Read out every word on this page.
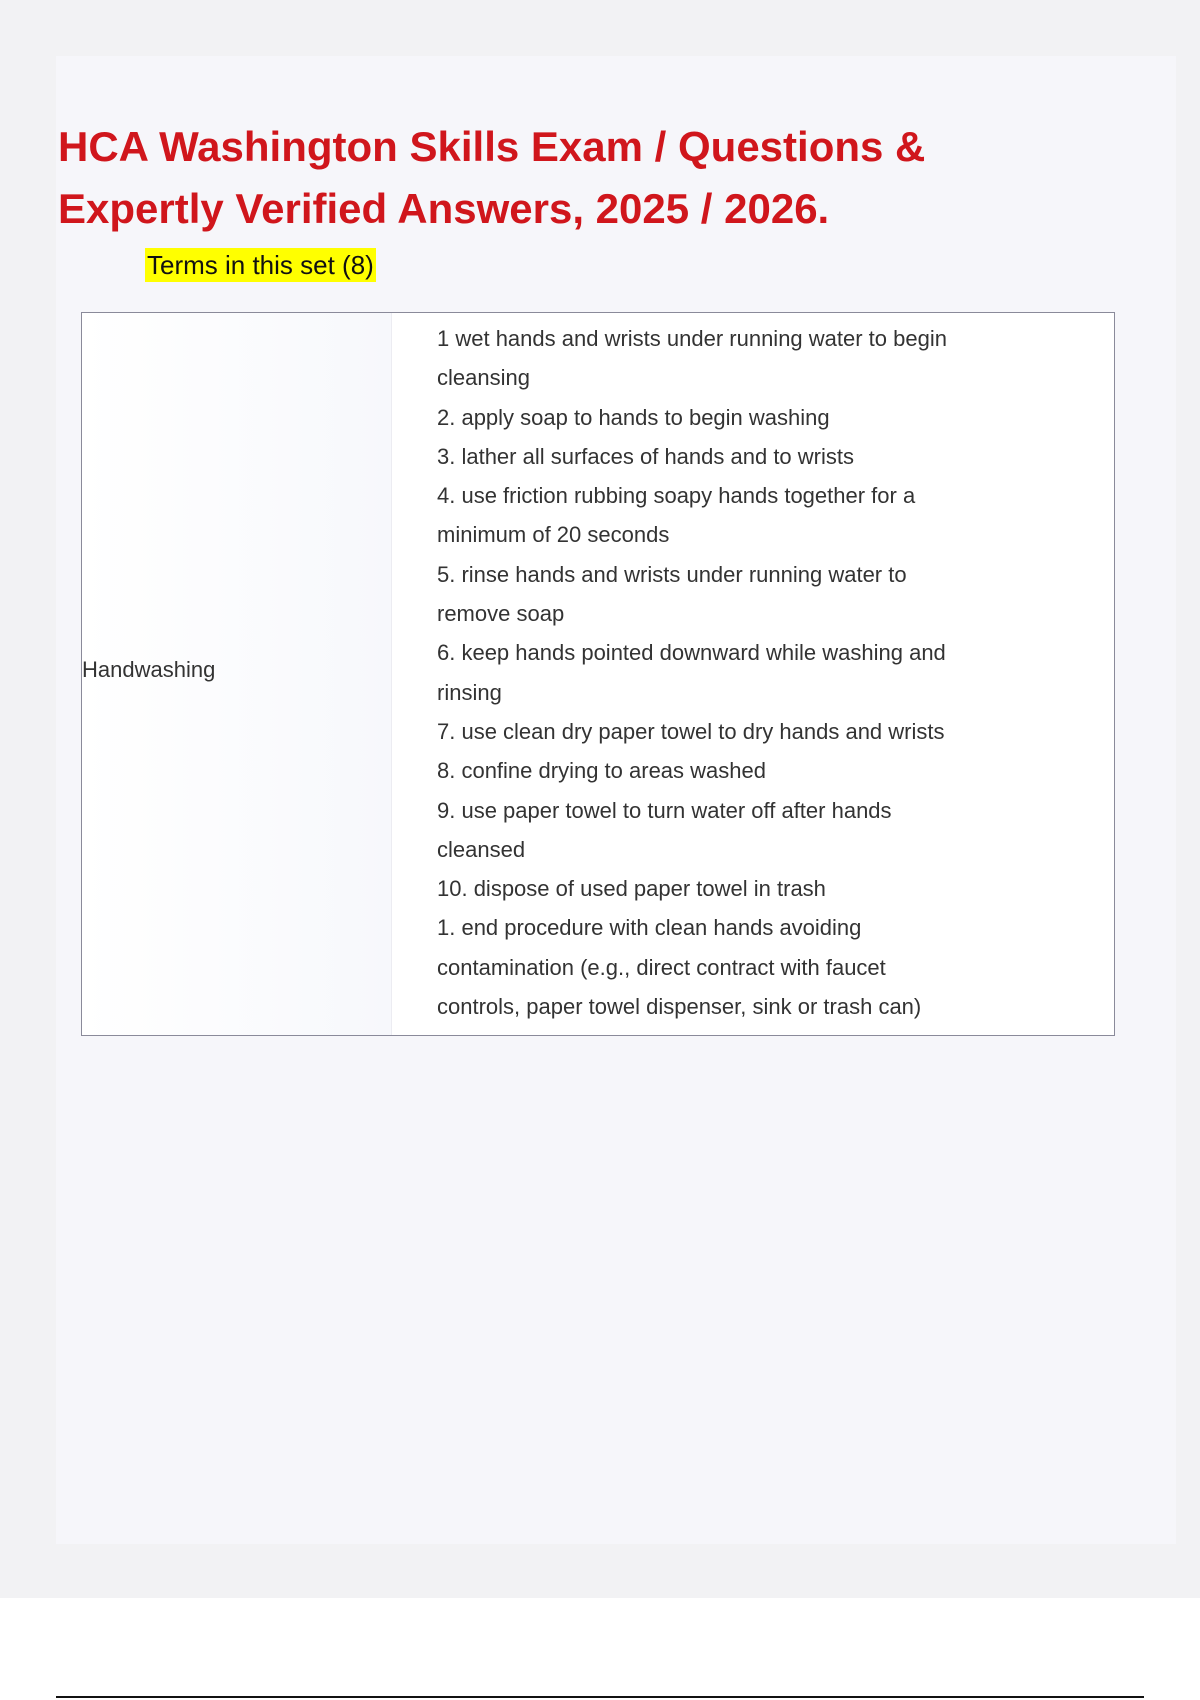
HCA Washington Skills Exam / Questions &
Expertly Verified Answers, 2025 / 2026.

Terms in this set (8)

Handwashing
1 wet hands and wrists under running water to begin
cleansing
2. apply soap to hands to begin washing
3. lather all surfaces of hands and to wrists
4. use friction rubbing soapy hands together for a
minimum of 20 seconds
5. rinse hands and wrists under running water to
remove soap
6. keep hands pointed downward while washing and
rinsing
7. use clean dry paper towel to dry hands and wrists
8. confine drying to areas washed
9. use paper towel to turn water off after hands
cleansed
10. dispose of used paper towel in trash
1. end procedure with clean hands avoiding
contamination (e.g., direct contract with faucet
controls, paper towel dispenser, sink or trash can)
